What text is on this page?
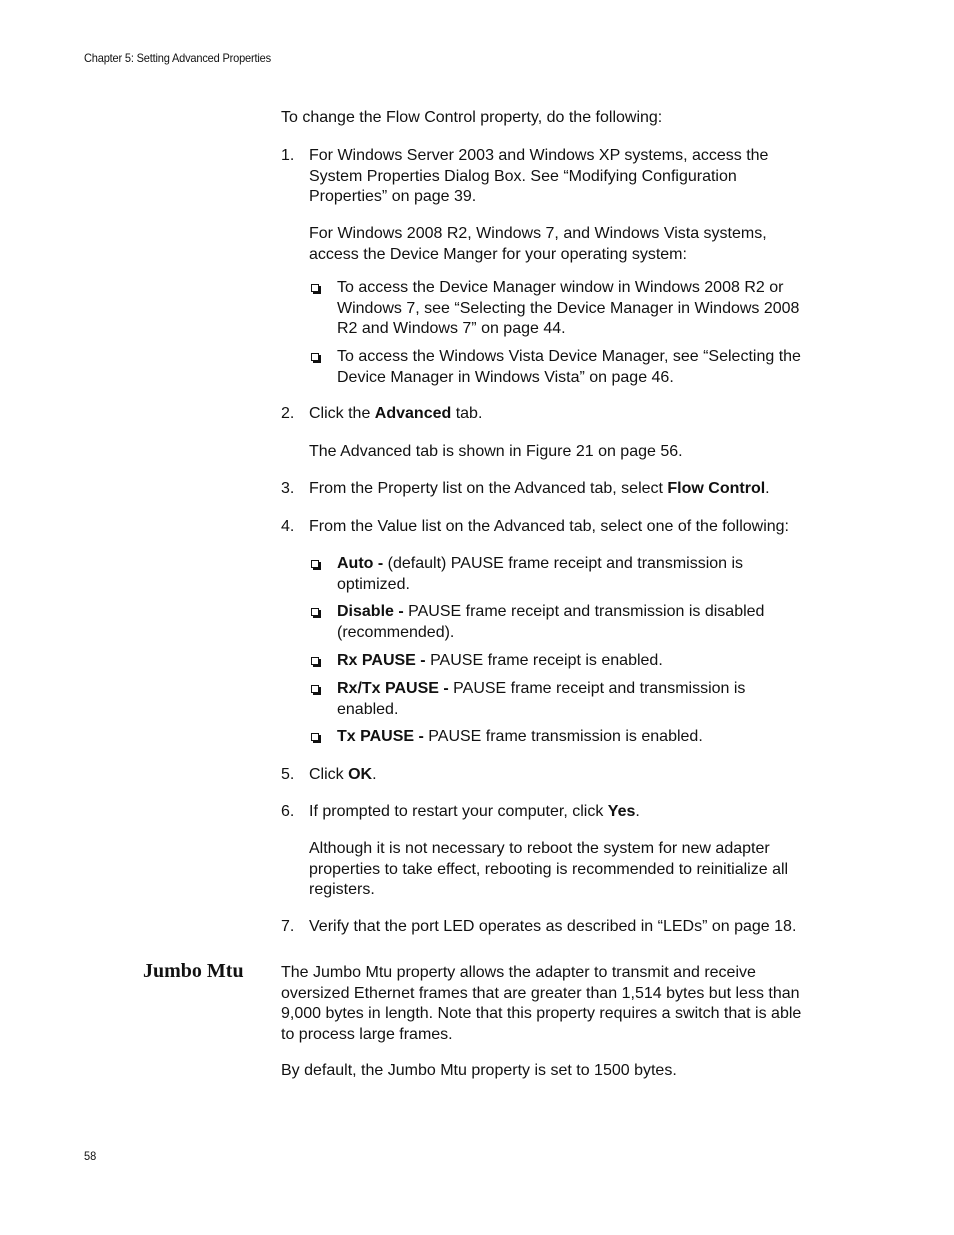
Chapter 5: Setting Advanced Properties
To change the Flow Control property, do the following:
1. For Windows Server 2003 and Windows XP systems, access the
System Properties Dialog Box. See “Modifying Configuration
Properties” on page 39.
For Windows 2008 R2, Windows 7, and Windows Vista systems,
access the Device Manger for your operating system:
To access the Device Manager window in Windows 2008 R2 or
Windows 7, see “Selecting the Device Manager in Windows 2008
R2 and Windows 7” on page 44.
To access the Windows Vista Device Manager, see “Selecting the
Device Manager in Windows Vista” on page 46.
2. Click the Advanced tab.
The Advanced tab is shown in Figure 21 on page 56.
3. From the Property list on the Advanced tab, select Flow Control.
4. From the Value list on the Advanced tab, select one of the following:
Auto - (default) PAUSE frame receipt and transmission is
optimized.
Disable - PAUSE frame receipt and transmission is disabled
(recommended).
Rx PAUSE - PAUSE frame receipt is enabled.
Rx/Tx PAUSE - PAUSE frame receipt and transmission is
enabled.
Tx PAUSE - PAUSE frame transmission is enabled.
5. Click OK.
6. If prompted to restart your computer, click Yes.
Although it is not necessary to reboot the system for new adapter
properties to take effect, rebooting is recommended to reinitialize all
registers.
7. Verify that the port LED operates as described in “LEDs” on page 18.
Jumbo Mtu The Jumbo Mtu property allows the adapter to transmit and receive
oversized Ethernet frames that are greater than 1,514 bytes but less than
9,000 bytes in length. Note that this property requires a switch that is able
to process large frames.
By default, the Jumbo Mtu property is set to 1500 bytes.
58
